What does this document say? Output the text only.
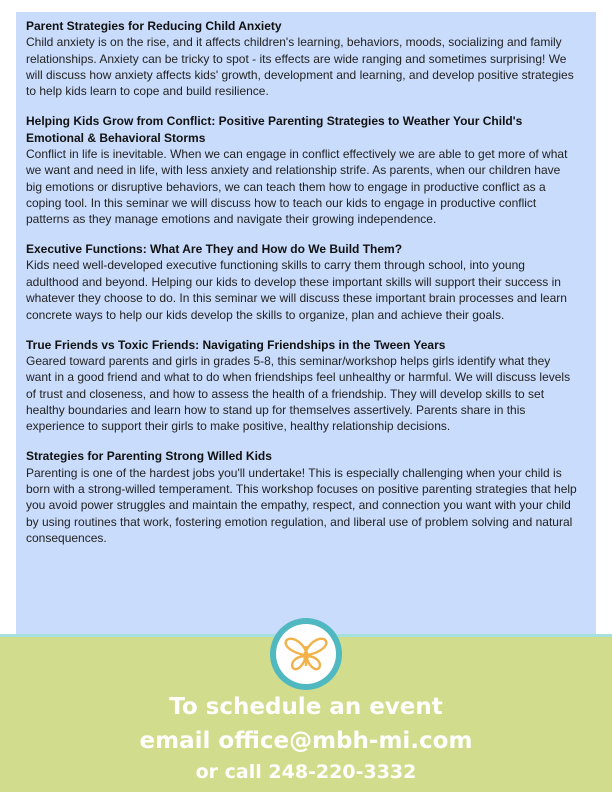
Parent Strategies for Reducing Child Anxiety

Child anxiety is on the rise, and it affects children's learning, behaviors, moods, socializing and family relationships. Anxiety can be tricky to spot - its effects are wide ranging and sometimes surprising! We will discuss how anxiety affects kids' growth, development and learning, and develop positive strategies to help kids learn to cope and build resilience.

Helping Kids Grow from Conflict: Positive Parenting Strategies to Weather Your Child's Emotional & Behavioral Storms

Conflict in life is inevitable. When we can engage in conflict effectively we are able to get more of what we want and need in life, with less anxiety and relationship strife. As parents, when our children have big emotions or disruptive behaviors, we can teach them how to engage in productive conflict as a coping tool. In this seminar we will discuss how to teach our kids to engage in productive conflict patterns as they manage emotions and navigate their growing independence.

Executive Functions: What Are They and How do We Build Them?

Kids need well-developed executive functioning skills to carry them through school, into young adulthood and beyond. Helping our kids to develop these important skills will support their success in whatever they choose to do. In this seminar we will discuss these important brain processes and learn concrete ways to help our kids develop the skills to organize, plan and achieve their goals.

True Friends vs Toxic Friends: Navigating Friendships in the Tween Years

Geared toward parents and girls in grades 5-8, this seminar/workshop helps girls identify what they want in a good friend and what to do when friendships feel unhealthy or harmful. We will discuss levels of trust and closeness, and how to assess the health of a friendship. They will develop skills to set healthy boundaries and learn how to stand up for themselves assertively. Parents share in this experience to support their girls to make positive, healthy relationship decisions.

Strategies for Parenting Strong Willed Kids

Parenting is one of the hardest jobs you'll undertake! This is especially challenging when your child is born with a strong-willed temperament. This workshop focuses on positive parenting strategies that help you avoid power struggles and maintain the empathy, respect, and connection you want with your child by using routines that work, fostering emotion regulation, and liberal use of problem solving and natural consequences.

To schedule an event
email office@mbh-mi.com
or call 248-220-3332
